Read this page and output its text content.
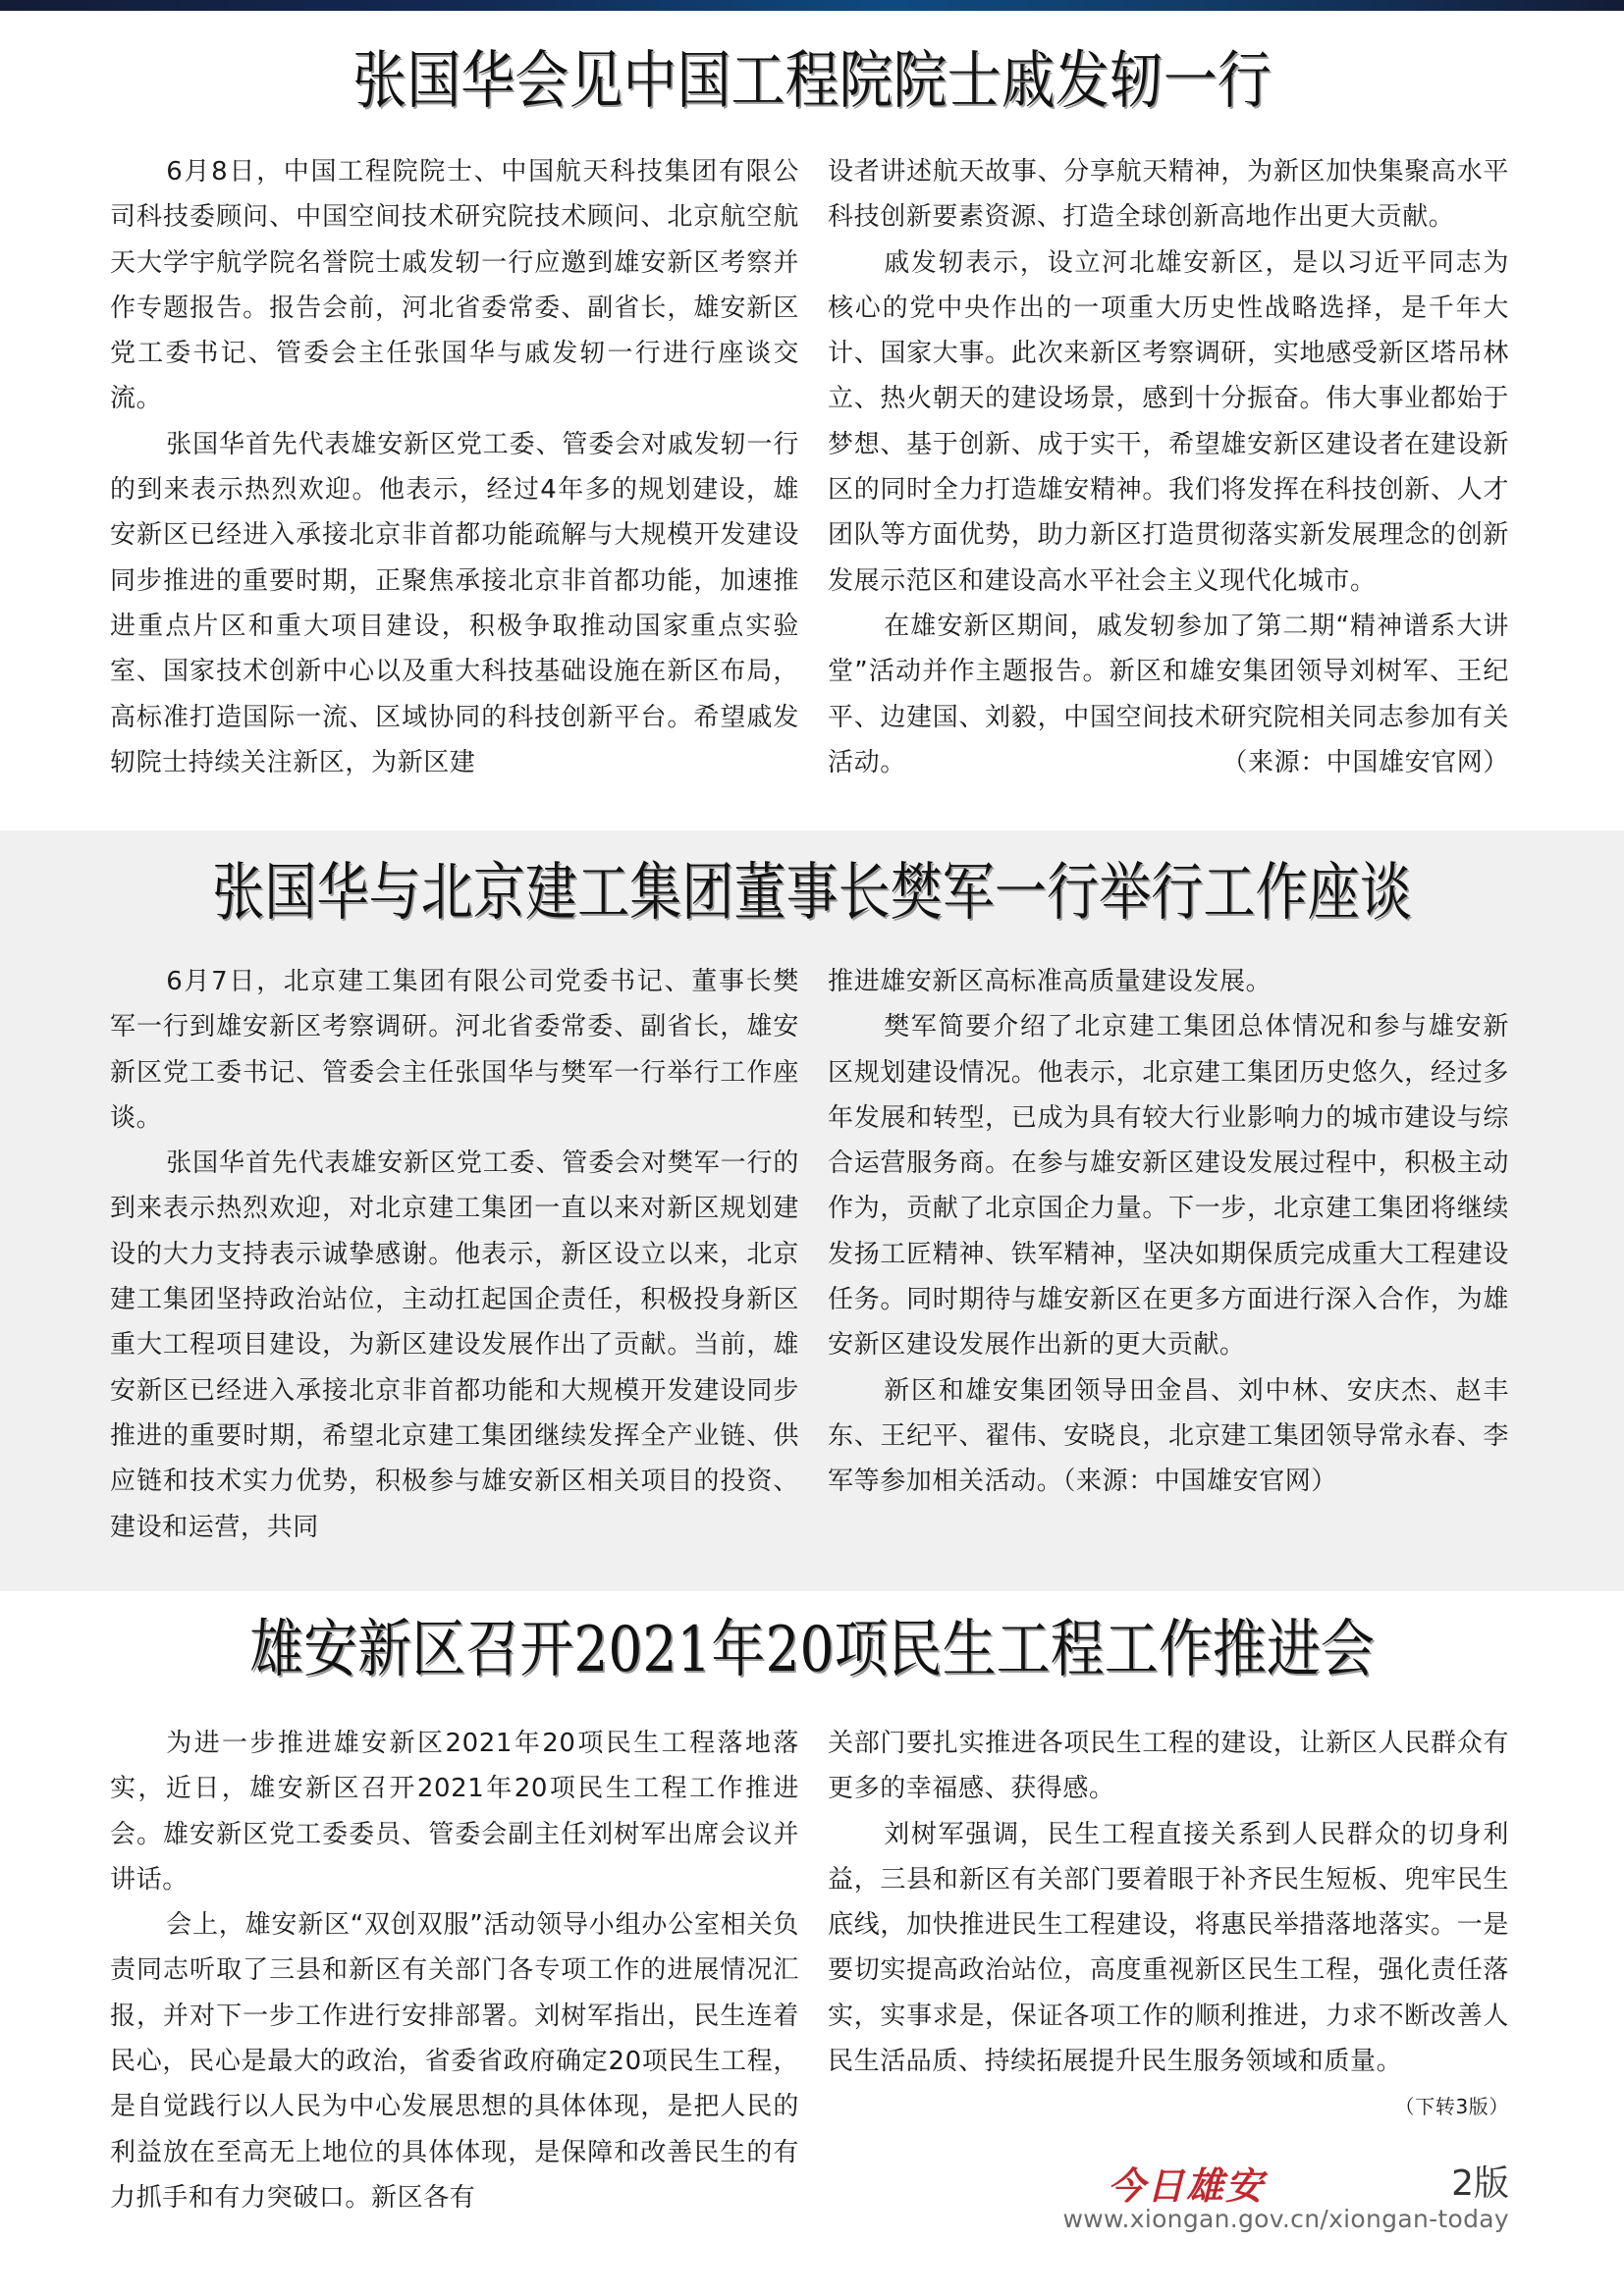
张国华会见中国工程院院士戚发轫一行

6月8日，中国工程院院士、中国航天科技集团有限公司科技委顾问、中国空间技术研究院技术顾问、北京航空航天大学宇航学院名誉院士戚发轫一行应邀到雄安新区考察并作专题报告。报告会前，河北省委常委、副省长，雄安新区党工委书记、管委会主任张国华与戚发轫一行进行座谈交流。

张国华首先代表雄安新区党工委、管委会对戚发轫一行的到来表示热烈欢迎。他表示，经过4年多的规划建设，雄安新区已经进入承接北京非首都功能疏解与大规模开发建设同步推进的重要时期，正聚焦承接北京非首都功能，加速推进重点片区和重大项目建设，积极争取推动国家重点实验室、国家技术创新中心以及重大科技基础设施在新区布局，高标准打造国际一流、区域协同的科技创新平台。希望戚发轫院士持续关注新区，为新区建

设者讲述航天故事、分享航天精神，为新区加快集聚高水平科技创新要素资源、打造全球创新高地作出更大贡献。

戚发轫表示，设立河北雄安新区，是以习近平同志为核心的党中央作出的一项重大历史性战略选择，是千年大计、国家大事。此次来新区考察调研，实地感受新区塔吊林立、热火朝天的建设场景，感到十分振奋。伟大事业都始于梦想、基于创新、成于实干，希望雄安新区建设者在建设新区的同时全力打造雄安精神。我们将发挥在科技创新、人才团队等方面优势，助力新区打造贯彻落实新发展理念的创新发展示范区和建设高水平社会主义现代化城市。

在雄安新区期间，戚发轫参加了第二期“精神谱系大讲堂”活动并作主题报告。新区和雄安集团领导刘树军、王纪平、边建国、刘毅，中国空间技术研究院相关同志参加有关活动。	（来源：中国雄安官网）

张国华与北京建工集团董事长樊军一行举行工作座谈

6月7日，北京建工集团有限公司党委书记、董事长樊军一行到雄安新区考察调研。河北省委常委、副省长，雄安新区党工委书记、管委会主任张国华与樊军一行举行工作座谈。

张国华首先代表雄安新区党工委、管委会对樊军一行的到来表示热烈欢迎，对北京建工集团一直以来对新区规划建设的大力支持表示诚挚感谢。他表示，新区设立以来，北京建工集团坚持政治站位，主动扛起国企责任，积极投身新区重大工程项目建设，为新区建设发展作出了贡献。当前，雄安新区已经进入承接北京非首都功能和大规模开发建设同步推进的重要时期，希望北京建工集团继续发挥全产业链、供应链和技术实力优势，积极参与雄安新区相关项目的投资、建设和运营，共同

推进雄安新区高标准高质量建设发展。

樊军简要介绍了北京建工集团总体情况和参与雄安新区规划建设情况。他表示，北京建工集团历史悠久，经过多年发展和转型，已成为具有较大行业影响力的城市建设与综合运营服务商。在参与雄安新区建设发展过程中，积极主动作为，贡献了北京国企力量。下一步，北京建工集团将继续发扬工匠精神、铁军精神，坚决如期保质完成重大工程建设任务。同时期待与雄安新区在更多方面进行深入合作，为雄安新区建设发展作出新的更大贡献。

新区和雄安集团领导田金昌、刘中林、安庆杰、赵丰东、王纪平、翟伟、安晓良，北京建工集团领导常永春、李军等参加相关活动。（来源：中国雄安官网）

雄安新区召开2021年20项民生工程工作推进会

为进一步推进雄安新区2021年20项民生工程落地落实，近日，雄安新区召开2021年20项民生工程工作推进会。雄安新区党工委委员、管委会副主任刘树军出席会议并讲话。

会上，雄安新区“双创双服”活动领导小组办公室相关负责同志听取了三县和新区有关部门各专项工作的进展情况汇报，并对下一步工作进行安排部署。刘树军指出，民生连着民心，民心是最大的政治，省委省政府确定20项民生工程，是自觉践行以人民为中心发展思想的具体体现，是把人民的利益放在至高无上地位的具体体现，是保障和改善民生的有力抓手和有力突破口。新区各有

关部门要扎实推进各项民生工程的建设，让新区人民群众有更多的幸福感、获得感。

刘树军强调，民生工程直接关系到人民群众的切身利益，三县和新区有关部门要着眼于补齐民生短板、兜牢民生底线，加快推进民生工程建设，将惠民举措落地落实。一是要切实提高政治站位，高度重视新区民生工程，强化责任落实，实事求是，保证各项工作的顺利推进，力求不断改善人民生活品质、持续拓展提升民生服务领域和质量。
（下转3版）

今日雄安	2版
www.xiongan.gov.cn/xiongan-today
